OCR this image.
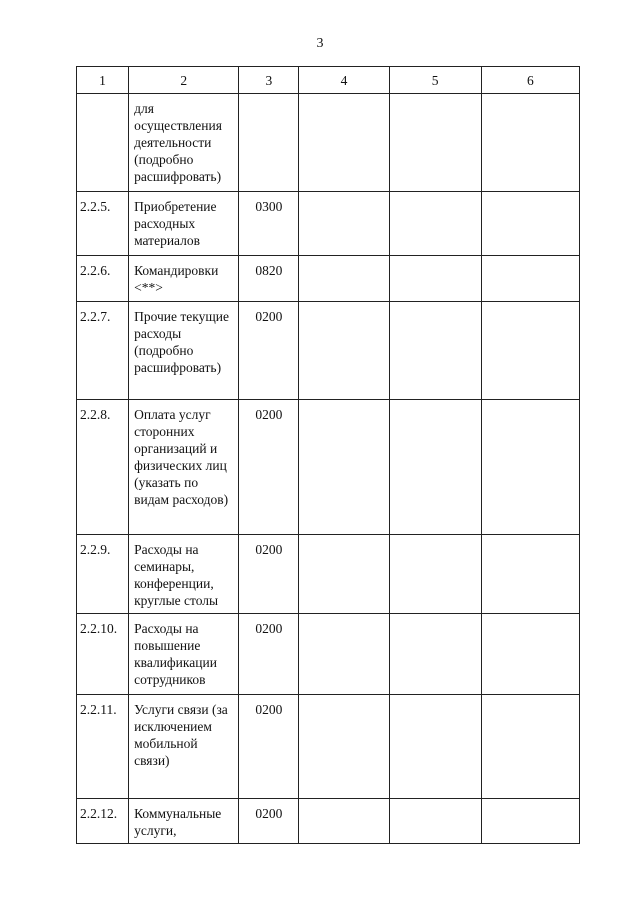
3
1	2	3	4	5	6
	для осуществления деятельности (подробно расшифровать)				
2.2.5.	Приобретение расходных материалов	0300			
2.2.6.	Командировки <**>	0820			
2.2.7.	Прочие текущие расходы (подробно расшифровать)	0200			
2.2.8.	Оплата услуг сторонних организаций и физических лиц (указать по видам расходов)	0200			
2.2.9.	Расходы на семинары, конференции, круглые столы	0200			
2.2.10.	Расходы на повышение квалификации сотрудников	0200			
2.2.11.	Услуги связи (за исключением мобильной связи)	0200			
2.2.12.	Коммунальные услуги,	0200			
